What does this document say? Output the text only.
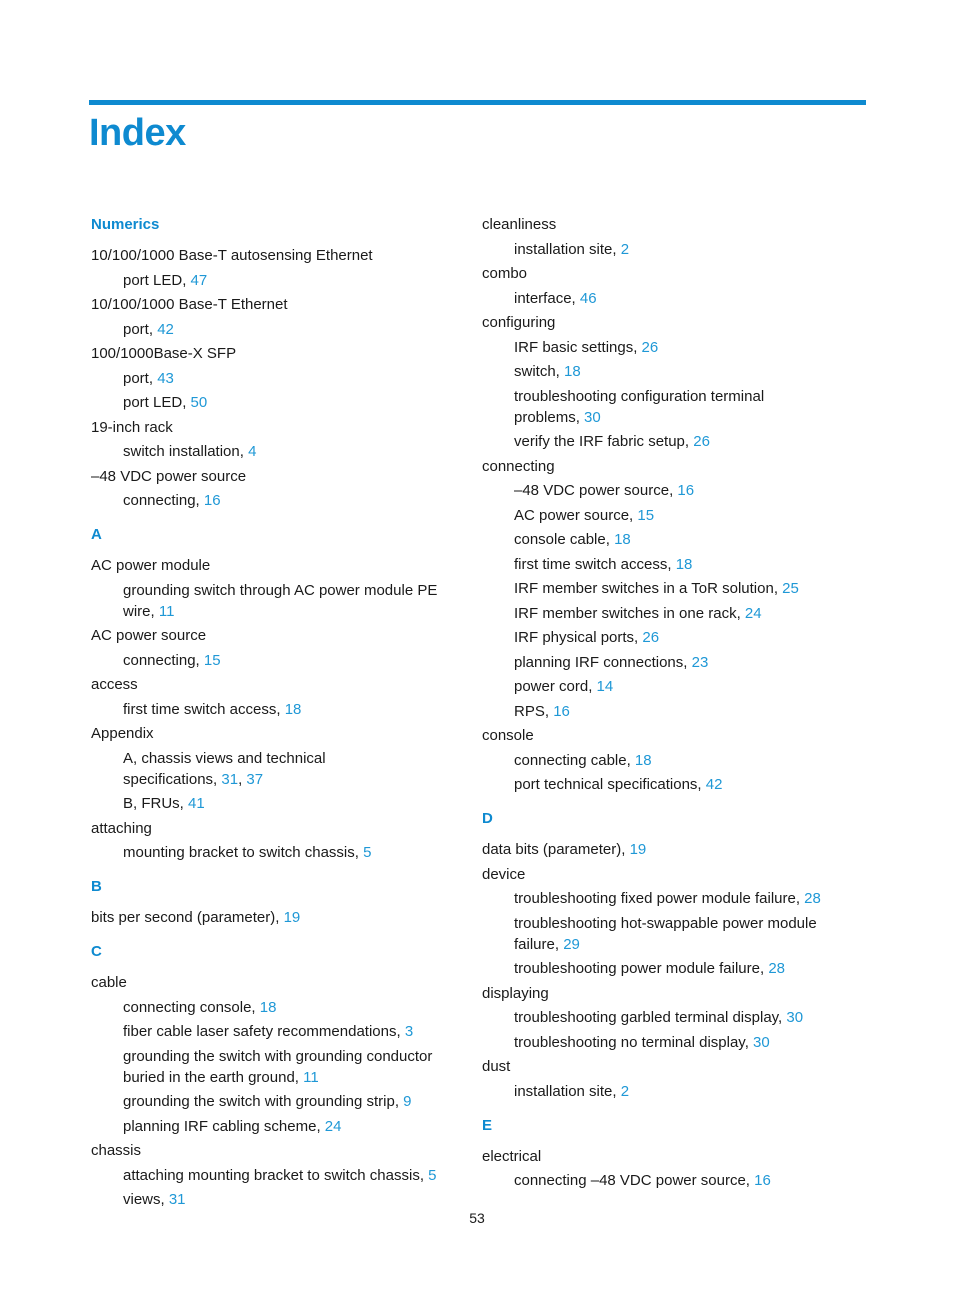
Index
Numerics
10/100/1000 Base-T autosensing Ethernet
port LED, 47
10/100/1000 Base-T Ethernet
port, 42
100/1000Base-X SFP
port, 43
port LED, 50
19-inch rack
switch installation, 4
–48 VDC power source
connecting, 16
A
AC power module
grounding switch through AC power module PE
wire, 11
AC power source
connecting, 15
access
first time switch access, 18
Appendix
A, chassis views and technical
specifications, 31, 37
B, FRUs, 41
attaching
mounting bracket to switch chassis, 5
B
bits per second (parameter), 19
C
cable
connecting console, 18
fiber cable laser safety recommendations, 3
grounding the switch with grounding conductor
buried in the earth ground, 11
grounding the switch with grounding strip, 9
planning IRF cabling scheme, 24
chassis
attaching mounting bracket to switch chassis, 5
views, 31
cleanliness
installation site, 2
combo
interface, 46
configuring
IRF basic settings, 26
switch, 18
troubleshooting configuration terminal
problems, 30
verify the IRF fabric setup, 26
connecting
–48 VDC power source, 16
AC power source, 15
console cable, 18
first time switch access, 18
IRF member switches in a ToR solution, 25
IRF member switches in one rack, 24
IRF physical ports, 26
planning IRF connections, 23
power cord, 14
RPS, 16
console
connecting cable, 18
port technical specifications, 42
D
data bits (parameter), 19
device
troubleshooting fixed power module failure, 28
troubleshooting hot-swappable power module
failure, 29
troubleshooting power module failure, 28
displaying
troubleshooting garbled terminal display, 30
troubleshooting no terminal display, 30
dust
installation site, 2
E
electrical
connecting –48 VDC power source, 16
53
